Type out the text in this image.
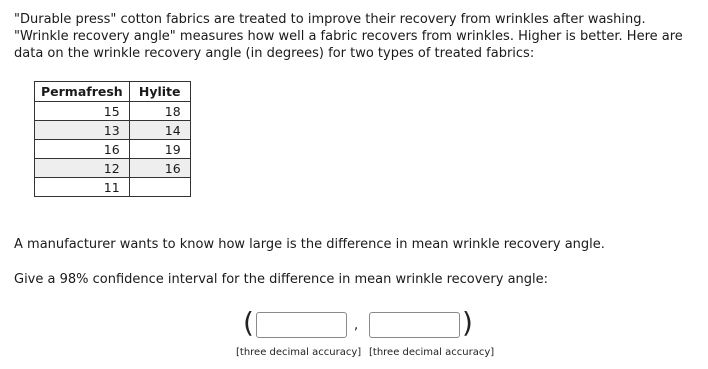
"Durable press" cotton fabrics are treated to improve their recovery from wrinkles after washing. "Wrinkle recovery angle" measures how well a fabric recovers from wrinkles. Higher is better. Here are data on the wrinkle recovery angle (in degrees) for two types of treated fabrics:

Permafresh	Hylite
15	18
13	14
16	19
12	16
11	

A manufacturer wants to know how large is the difference in mean wrinkle recovery angle.

Give a 98% confidence interval for the difference in mean wrinkle recovery angle:

(	,	)
[three decimal accuracy] [three decimal accuracy]
